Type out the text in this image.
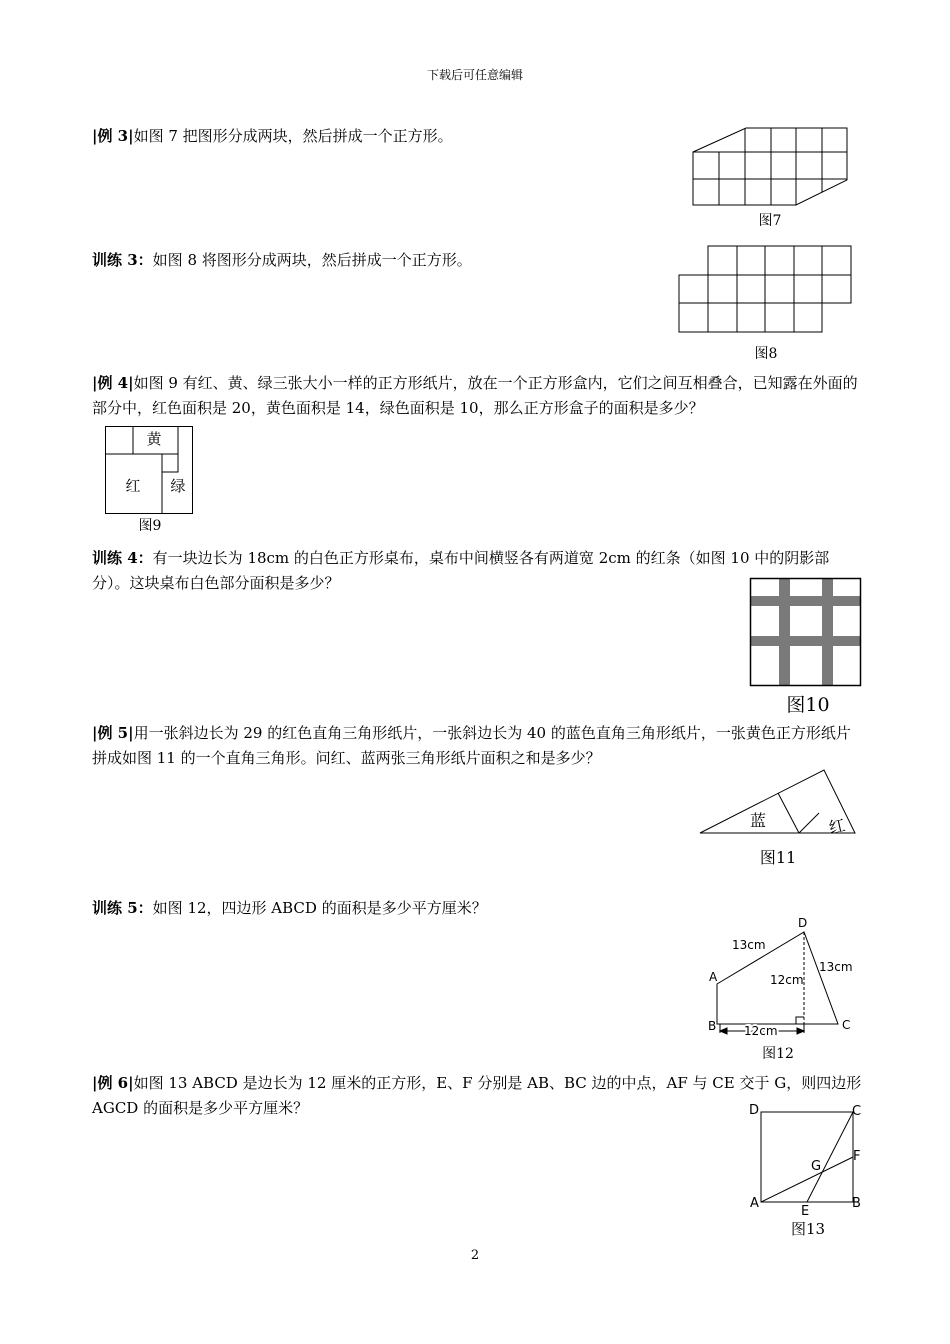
下载后可任意编辑
|例 3|如图 7 把图形分成两块，然后拼成一个正方形。
图7
训练 3：如图 8 将图形分成两块，然后拼成一个正方形。
图8
|例 4|如图 9 有红、黄、绿三张大小一样的正方形纸片，放在一个正方形盒内，它们之间互相叠合，已知露在外面的部分中，红色面积是 20，黄色面积是 14，绿色面积是 10，那么正方形盒子的面积是多少？
黄
红 绿
图9
训练 4：有一块边长为 18cm 的白色正方形桌布，桌布中间横竖各有两道宽 2cm 的红条（如图 10 中的阴影部分）。这块桌布白色部分面积是多少？
图10
|例 5|用一张斜边长为 29 的红色直角三角形纸片，一张斜边长为 40 的蓝色直角三角形纸片，一张黄色正方形纸片拼成如图 11 的一个直角三角形。问红、蓝两张三角形纸片面积之和是多少？
蓝	红
图11
训练 5：如图 12，四边形 ABCD 的面积是多少平方厘米？
A
B	C
D
13cm
13cm
12cm
12cm
图12
|例 6|如图 13 ABCD 是边长为 12 厘米的正方形，E、F 分别是 AB、BC 边的中点，AF 与 CE 交于 G，则四边形 AGCD 的面积是多少平方厘米？	D	C
F
G
A	B
E
图13
2
